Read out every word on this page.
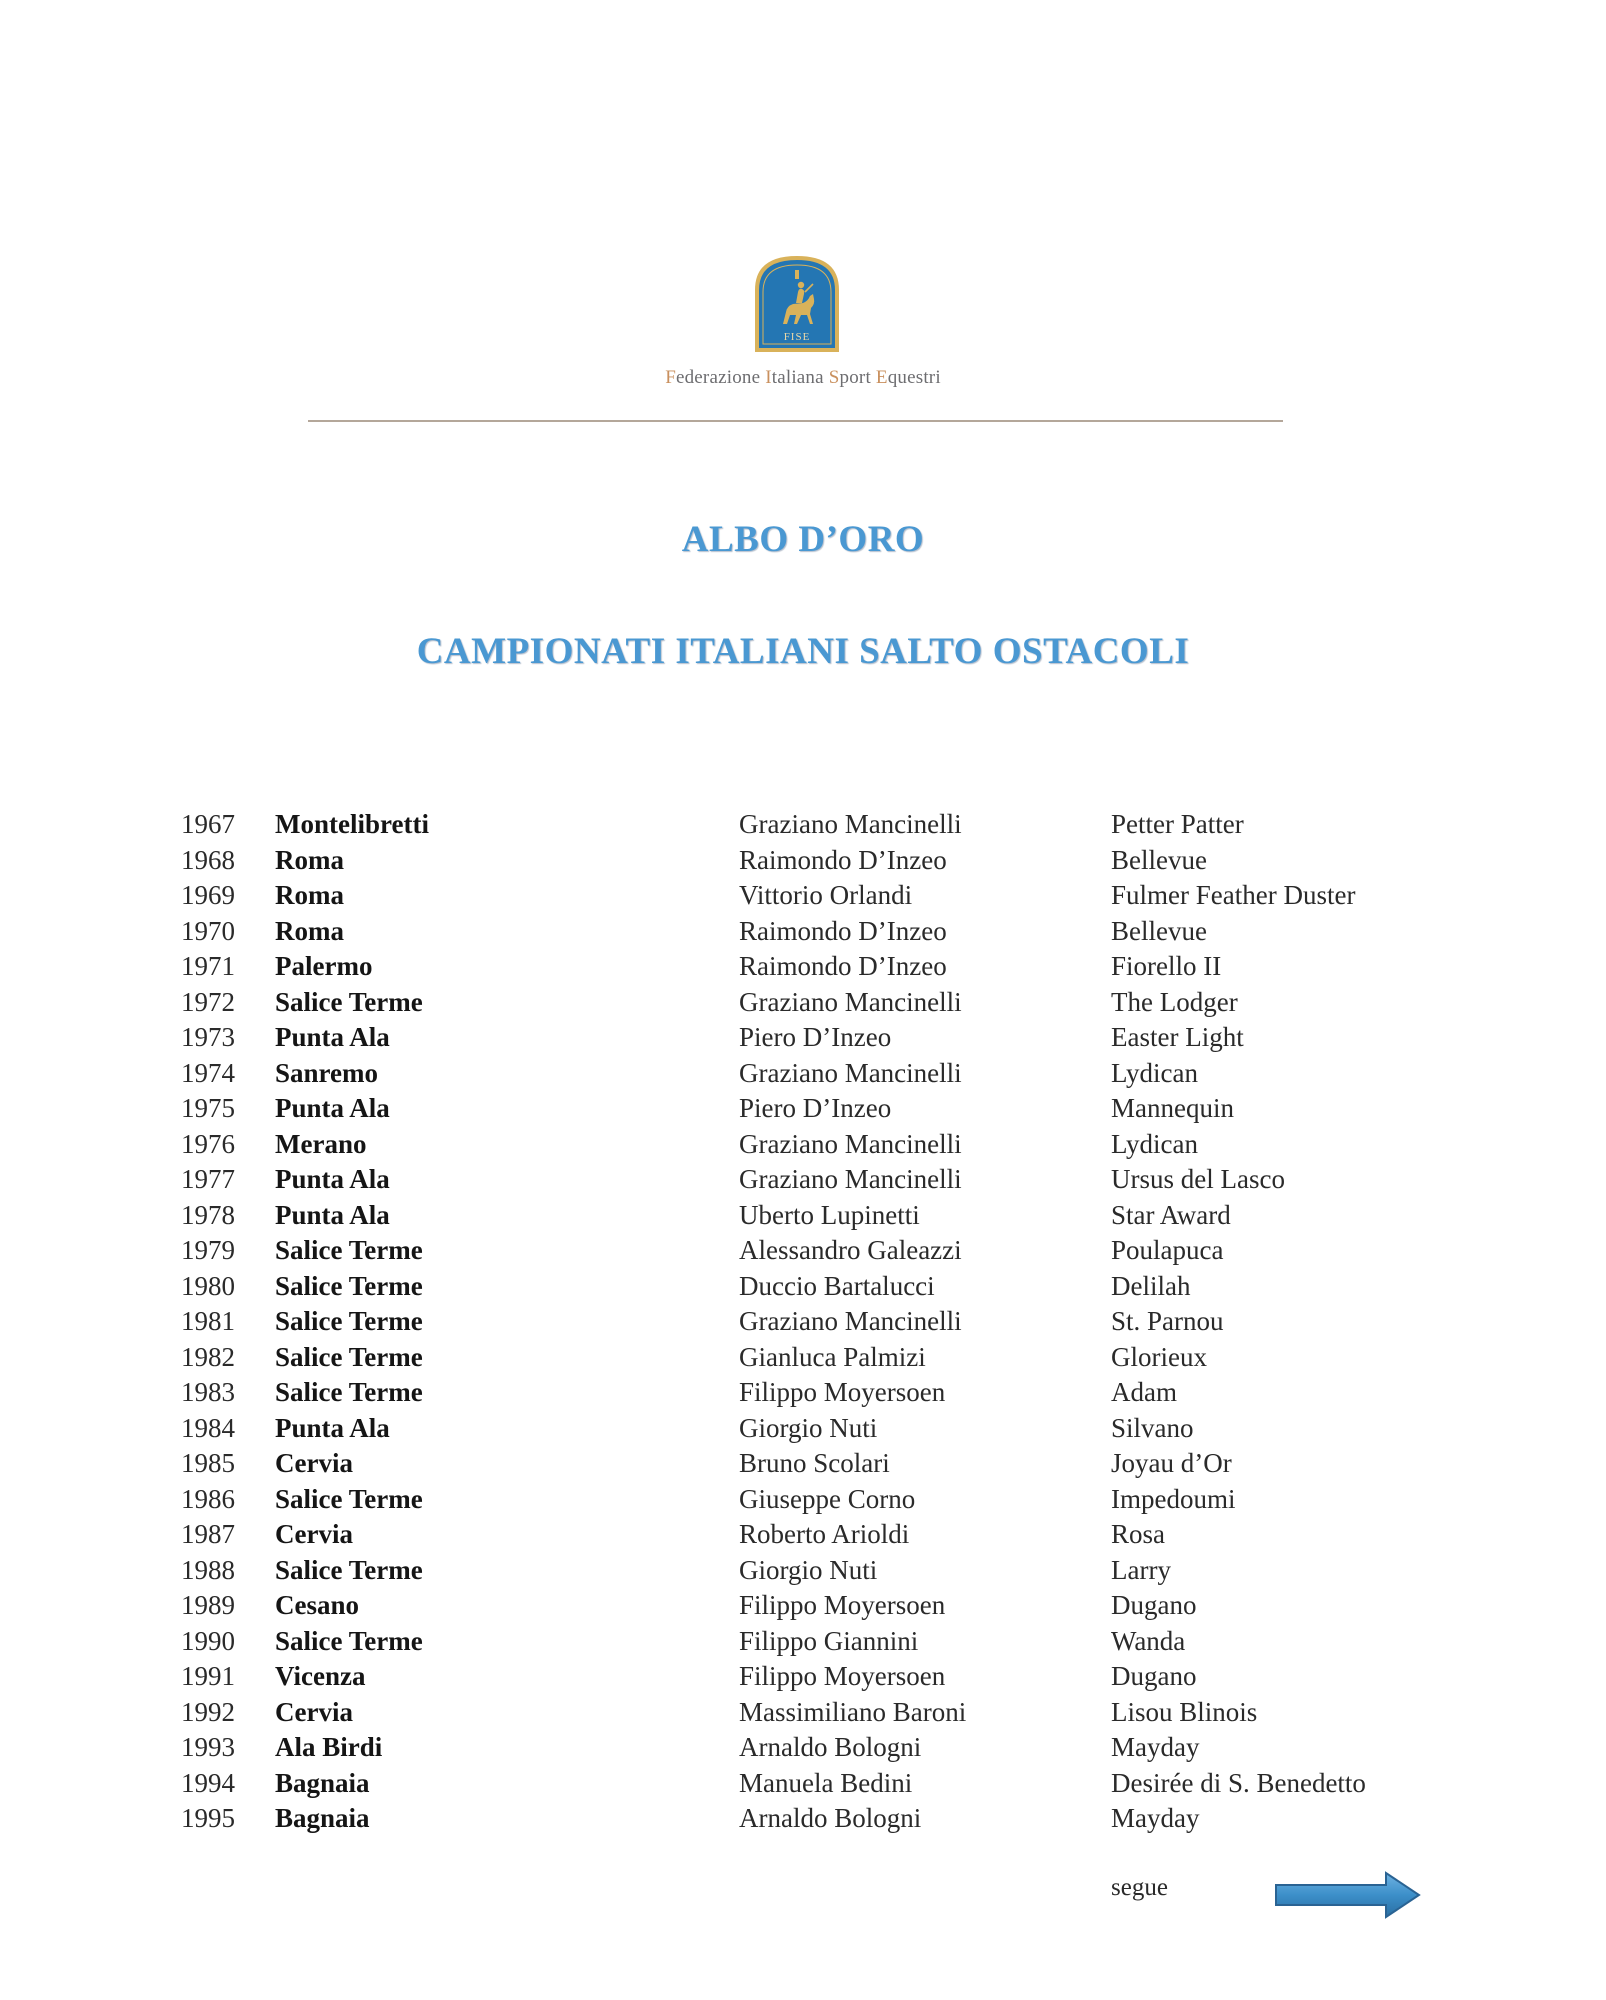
FISE
Federazione Italiana Sport Equestri
ALBO D’ORO
CAMPIONATI ITALIANI SALTO OSTACOLI
1967 Montelibretti	Graziano Mancinelli	Petter Patter
1968 Roma	Raimondo D’Inzeo	Bellevue
1969 Roma	Vittorio Orlandi	Fulmer Feather Duster
1970 Roma	Raimondo D’Inzeo	Bellevue
1971 Palermo	Raimondo D’Inzeo	Fiorello II
1972 Salice Terme	Graziano Mancinelli	The Lodger
1973 Punta Ala	Piero D’Inzeo	Easter Light
1974 Sanremo	Graziano Mancinelli	Lydican
1975 Punta Ala	Piero D’Inzeo	Mannequin
1976 Merano	Graziano Mancinelli	Lydican
1977 Punta Ala	Graziano Mancinelli	Ursus del Lasco
1978 Punta Ala	Uberto Lupinetti	Star Award
1979 Salice Terme	Alessandro Galeazzi	Poulapuca
1980 Salice Terme	Duccio Bartalucci	Delilah
1981 Salice Terme	Graziano Mancinelli	St. Parnou
1982 Salice Terme	Gianluca Palmizi	Glorieux
1983 Salice Terme	Filippo Moyersoen	Adam
1984 Punta Ala	Giorgio Nuti	Silvano
1985 Cervia	Bruno Scolari	Joyau d’Or
1986 Salice Terme	Giuseppe Corno	Impedoumi
1987 Cervia	Roberto Arioldi	Rosa
1988 Salice Terme	Giorgio Nuti	Larry
1989 Cesano	Filippo Moyersoen	Dugano
1990 Salice Terme	Filippo Giannini	Wanda
1991 Vicenza	Filippo Moyersoen	Dugano
1992 Cervia	Massimiliano Baroni	Lisou Blinois
1993 Ala Birdi	Arnaldo Bologni	Mayday
1994 Bagnaia	Manuela Bedini	Desirée di S. Benedetto
1995 Bagnaia	Arnaldo Bologni	Mayday
segue
